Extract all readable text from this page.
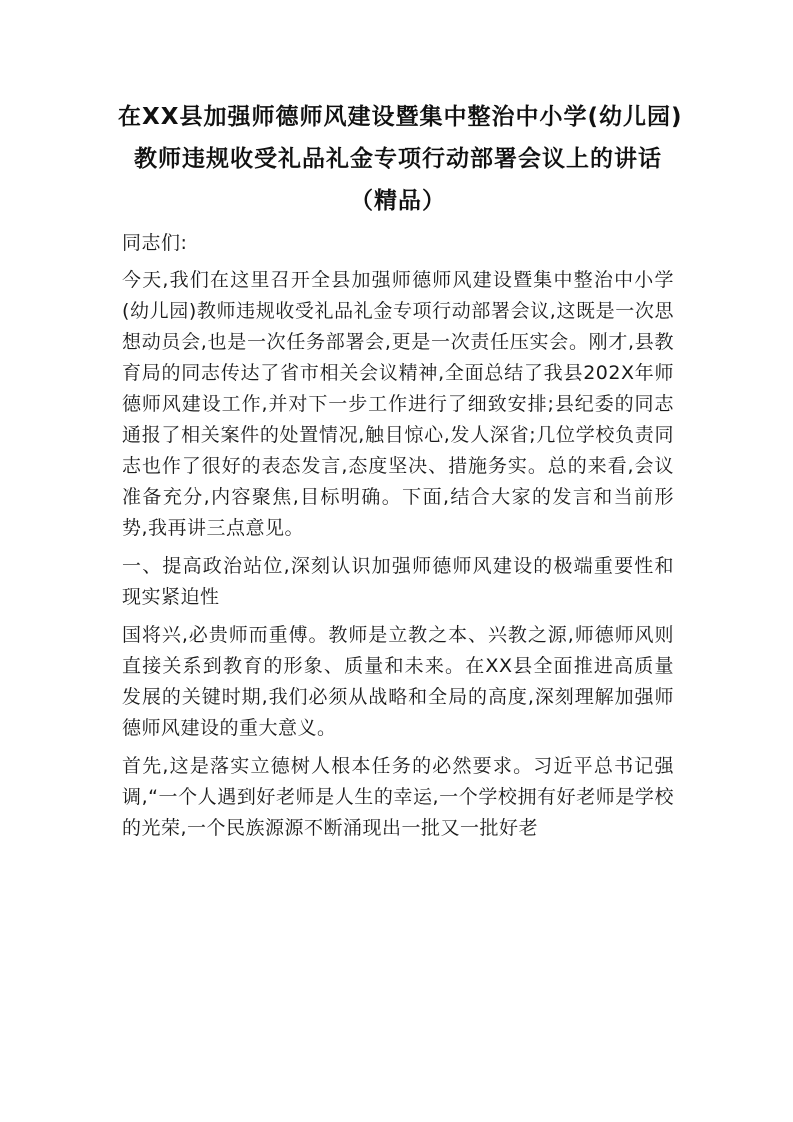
在XX县加强师德师风建设暨集中整治中小学(幼儿园)
教师违规收受礼品礼金专项行动部署会议上的讲话
（精品）

同志们:

今天,我们在这里召开全县加强师德师风建设暨集中整治中小学(幼儿园)教师违规收受礼品礼金专项行动部署会议,这既是一次思想动员会,也是一次任务部署会,更是一次责任压实会。刚才,县教育局的同志传达了省市相关会议精神,全面总结了我县202X年师德师风建设工作,并对下一步工作进行了细致安排;县纪委的同志通报了相关案件的处置情况,触目惊心,发人深省;几位学校负责同志也作了很好的表态发言,态度坚决、措施务实。总的来看,会议准备充分,内容聚焦,目标明确。下面,结合大家的发言和当前形势,我再讲三点意见。

一、提高政治站位,深刻认识加强师德师风建设的极端重要性和现实紧迫性

国将兴,必贵师而重傅。教师是立教之本、兴教之源,师德师风则直接关系到教育的形象、质量和未来。在XX县全面推进高质量发展的关键时期,我们必须从战略和全局的高度,深刻理解加强师德师风建设的重大意义。

首先,这是落实立德树人根本任务的必然要求。习近平总书记强调,“一个人遇到好老师是人生的幸运,一个学校拥有好老师是学校的光荣,一个民族源源不断涌现出一批又一批好老
